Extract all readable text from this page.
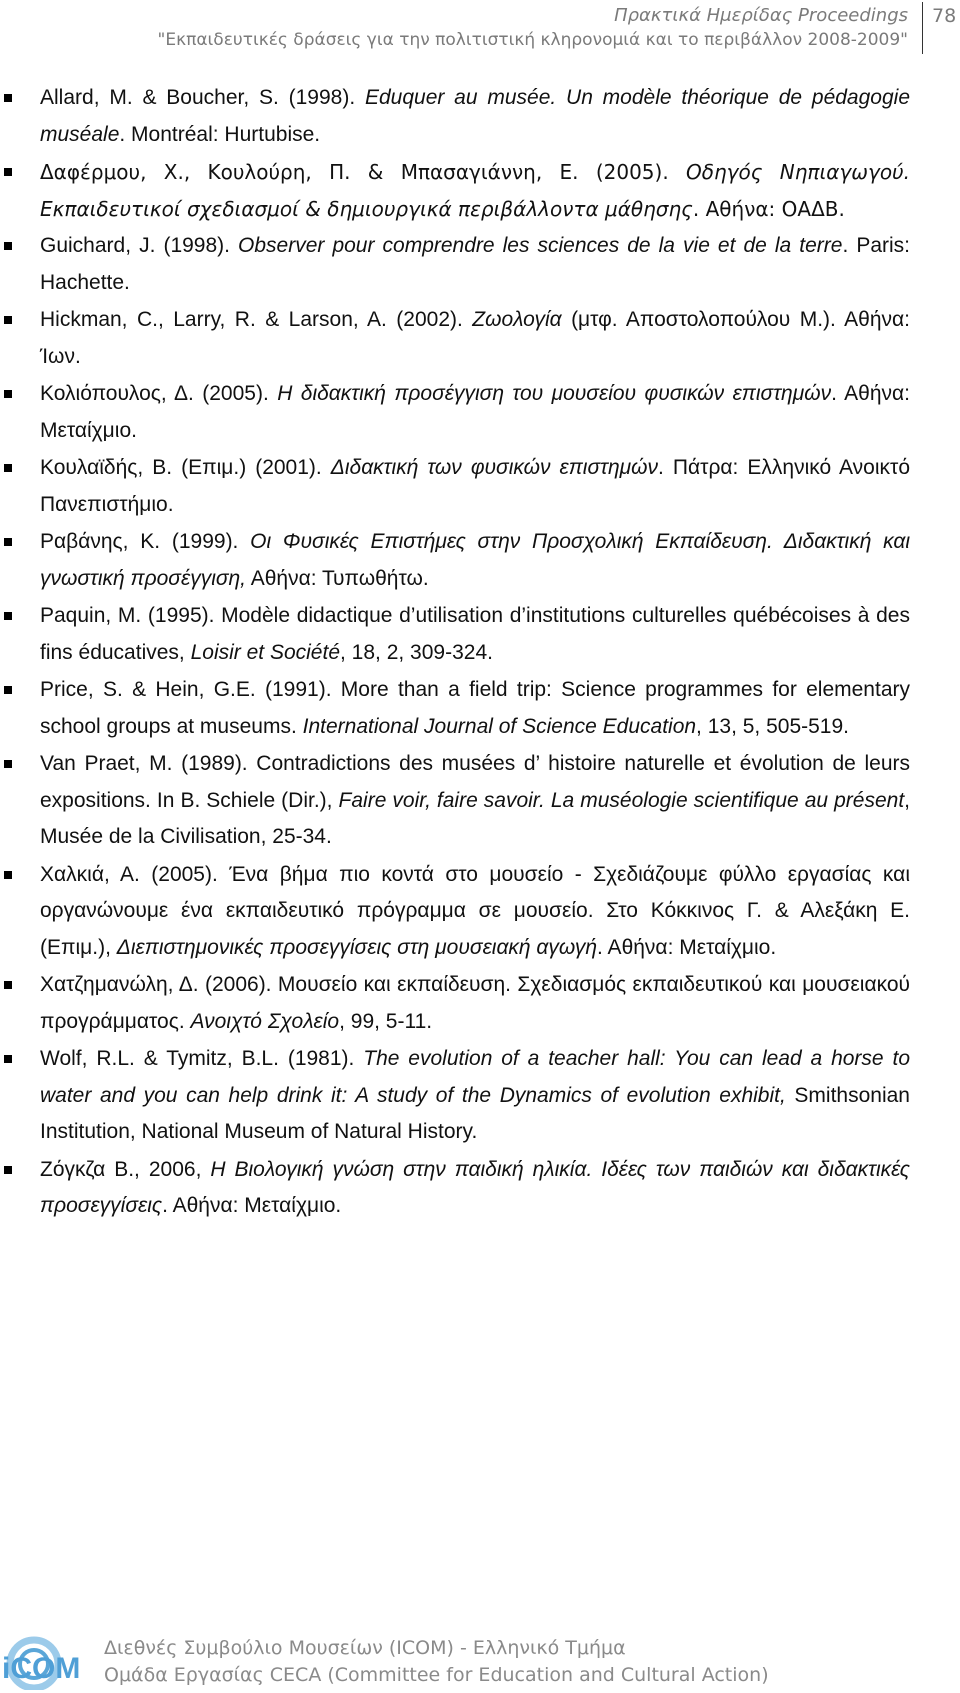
Πρακτικά Ημερίδας Proceedings
"Εκπαιδευτικές δράσεις για την πολιτιστική κληρονομιά και το περιβάλλον 2008-2009"
78
Allard, M. & Boucher, S. (1998). Eduquer au musée. Un modèle théorique de pédagogie muséale. Montréal: Hurtubise.
Δαφέρμου, Χ., Κουλούρη, Π. & Μπασαγιάννη, Ε. (2005). Οδηγός Νηπιαγωγού. Εκπαιδευτικοί σχεδιασμοί & δημιουργικά περιβάλλοντα μάθησης. Αθήνα: ΟΑΔΒ.
Guichard, J. (1998). Observer pour comprendre les sciences de la vie et de la terre. Paris: Hachette.
Hickman, C., Larry, R. & Larson, A. (2002). Ζωολογία (μτφ. Αποστολοπούλου Μ.). Αθήνα: Ίων.
Κολιόπουλος, Δ. (2005). Η διδακτική προσέγγιση του μουσείου φυσικών επιστημών. Αθήνα: Μεταίχμιο.
Κουλαϊδής, Β. (Επιμ.) (2001). Διδακτική των φυσικών επιστημών. Πάτρα: Ελληνικό Ανοικτό Πανεπιστήμιο.
Ραβάνης, Κ. (1999). Οι Φυσικές Επιστήμες στην Προσχολική Εκπαίδευση. Διδακτική και γνωστική προσέγγιση, Αθήνα: Τυπωθήτω.
Paquin, M. (1995). Modèle didactique d’utilisation d’institutions culturelles québécoises à des fins éducatives, Loisir et Société, 18, 2, 309-324.
Price, S. & Hein, G.E. (1991). More than a field trip: Science programmes for elementary school groups at museums. International Journal of Science Education, 13, 5, 505-519.
Van Praet, M. (1989). Contradictions des musées d’ histoire naturelle et évolution de leurs expositions. In B. Schiele (Dir.), Faire voir, faire savoir. La muséologie scientifique au présent, Musée de la Civilisation, 25-34.
Χαλκιά, Α. (2005). Ένα βήμα πιο κοντά στο μουσείο - Σχεδιάζουμε φύλλο εργασίας και οργανώνουμε ένα εκπαιδευτικό πρόγραμμα σε μουσείο. Στο Κόκκινος Γ. & Αλεξάκη Ε. (Επιμ.), Διεπιστημονικές προσεγγίσεις στη μουσειακή αγωγή. Αθήνα: Μεταίχμιο.
Χατζημανώλη, Δ. (2006). Μουσείο και εκπαίδευση. Σχεδιασμός εκπαιδευτικού και μουσειακού προγράμματος. Ανοιχτό Σχολείο, 99, 5-11.
Wolf, R.L. & Tymitz, B.L. (1981). The evolution of a teacher hall: You can lead a horse to water and you can help drink it: A study of the Dynamics of evolution exhibit, Smithsonian Institution, National Museum of Natural History.
Ζόγκζα Β., 2006, Η Βιολογική γνώση στην παιδική ηλικία. Ιδέες των παιδιών και διδακτικές προσεγγίσεις. Αθήνα: Μεταίχμιο.
iCOM
Διεθνές Συμβούλιο Μουσείων (ICOM) - Ελληνικό Τμήμα
Ομάδα Εργασίας CECA (Committee for Education and Cultural Action)
